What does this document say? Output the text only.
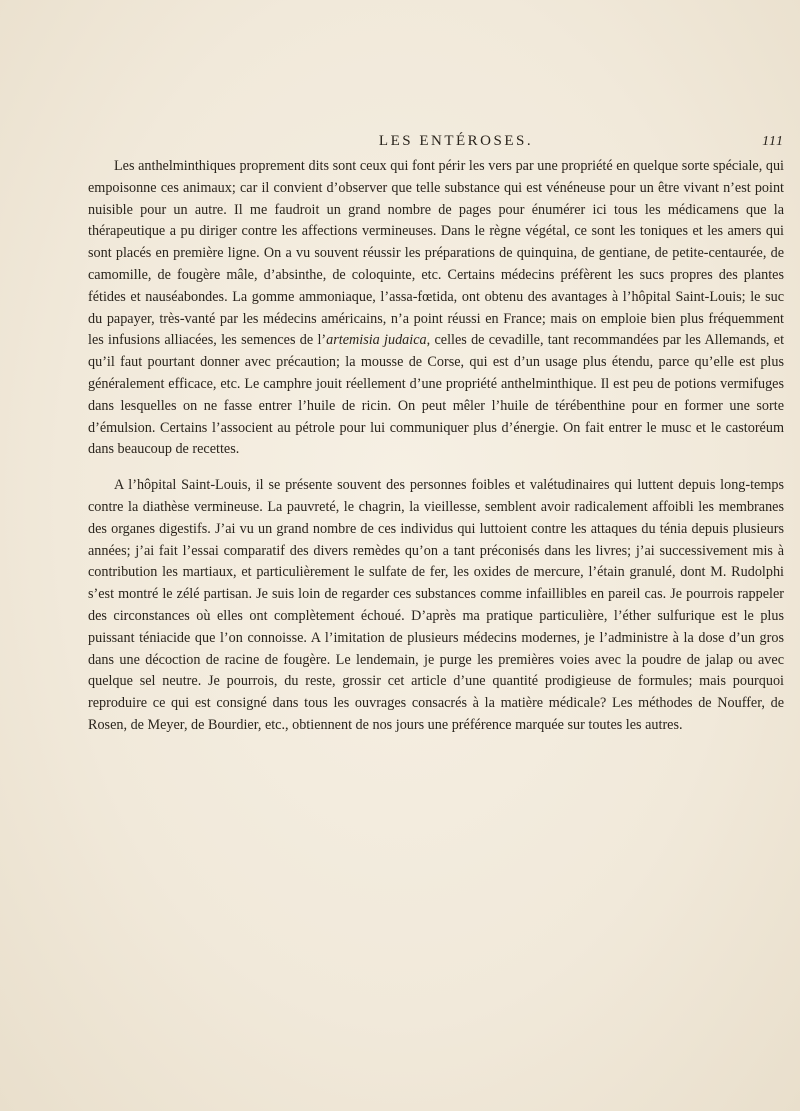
LES ENTÉROSES.	111

Les anthelminthiques proprement dits sont ceux qui font périr les vers par une propriété en quelque sorte spéciale, qui empoisonne ces animaux; car il convient d’observer que telle substance qui est vénéneuse pour un être vivant n’est point nuisible pour un autre. Il me faudroit un grand nombre de pages pour énumérer ici tous les médicamens que la thérapeutique a pu diriger contre les affections vermineuses. Dans le règne végétal, ce sont les toniques et les amers qui sont placés en première ligne. On a vu souvent réussir les préparations de quinquina, de gentiane, de petite-centaurée, de camomille, de fougère mâle, d’absinthe, de coloquinte, etc. Certains médecins préfèrent les sucs propres des plantes fétides et nauséabondes. La gomme ammoniaque, l’assa-fœtida, ont obtenu des avantages à l’hôpital Saint-Louis; le suc du papayer, très-vanté par les médecins américains, n’a point réussi en France; mais on emploie bien plus fréquemment les infusions alliacées, les semences de l’artemisia judaica, celles de cevadille, tant recommandées par les Allemands, et qu’il faut pourtant donner avec précaution; la mousse de Corse, qui est d’un usage plus étendu, parce qu’elle est plus généralement efficace, etc. Le camphre jouit réellement d’une propriété anthelminthique. Il est peu de potions vermifuges dans lesquelles on ne fasse entrer l’huile de ricin. On peut mêler l’huile de térébenthine pour en former une sorte d’émulsion. Certains l’associent au pétrole pour lui communiquer plus d’énergie. On fait entrer le musc et le castoréum dans beaucoup de recettes.

A l’hôpital Saint-Louis, il se présente souvent des personnes foibles et valétudinaires qui luttent depuis long-temps contre la diathèse vermineuse. La pauvreté, le chagrin, la vieillesse, semblent avoir radicalement affoibli les membranes des organes digestifs. J’ai vu un grand nombre de ces individus qui luttoient contre les attaques du ténia depuis plusieurs années; j’ai fait l’essai comparatif des divers remèdes qu’on a tant préconisés dans les livres; j’ai successivement mis à contribution les martiaux, et particulièrement le sulfate de fer, les oxides de mercure, l’étain granulé, dont M. Rudolphi s’est montré le zélé partisan. Je suis loin de regarder ces substances comme infaillibles en pareil cas. Je pourrois rappeler des circonstances où elles ont complètement échoué. D’après ma pratique particulière, l’éther sulfurique est le plus puissant téniacide que l’on connoisse. A l’imitation de plusieurs médecins modernes, je l’administre à la dose d’un gros dans une décoction de racine de fougère. Le lendemain, je purge les premières voies avec la poudre de jalap ou avec quelque sel neutre. Je pourrois, du reste, grossir cet article d’une quantité prodigieuse de formules; mais pourquoi reproduire ce qui est consigné dans tous les ouvrages consacrés à la matière médicale? Les méthodes de Nouffer, de Rosen, de Meyer, de Bourdier, etc., obtiennent de nos jours une préférence marquée sur toutes les autres.
